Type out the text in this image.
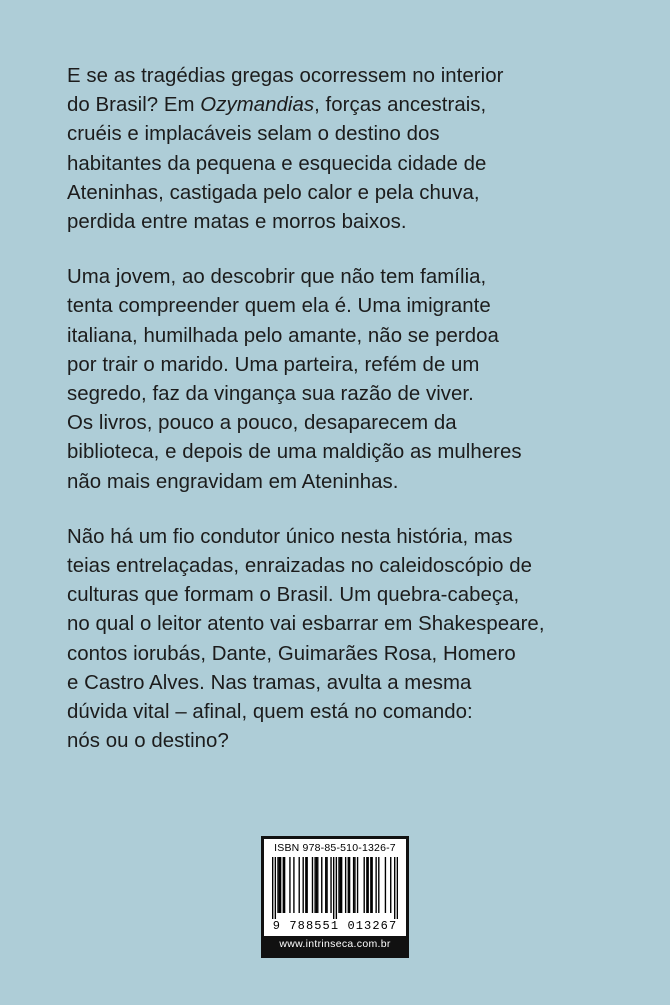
E se as tragédias gregas ocorressem no interior
do Brasil? Em Ozymandias, forças ancestrais,
cruéis e implacáveis selam o destino dos
habitantes da pequena e esquecida cidade de
Ateninhas, castigada pelo calor e pela chuva,
perdida entre matas e morros baixos.

Uma jovem, ao descobrir que não tem família,
tenta compreender quem ela é. Uma imigrante
italiana, humilhada pelo amante, não se perdoa
por trair o marido. Uma parteira, refém de um
segredo, faz da vingança sua razão de viver.
Os livros, pouco a pouco, desaparecem da
biblioteca, e depois de uma maldição as mulheres
não mais engravidam em Ateninhas.

Não há um fio condutor único nesta história, mas
teias entrelaçadas, enraizadas no caleidoscópio de
culturas que formam o Brasil. Um quebra-cabeça,
no qual o leitor atento vai esbarrar em Shakespeare,
contos iorubás, Dante, Guimarães Rosa, Homero
e Castro Alves. Nas tramas, avulta a mesma
dúvida vital – afinal, quem está no comando:
nós ou o destino?

ISBN 978-85-510-1326-7
9 788551 013267
www.intrinseca.com.br
